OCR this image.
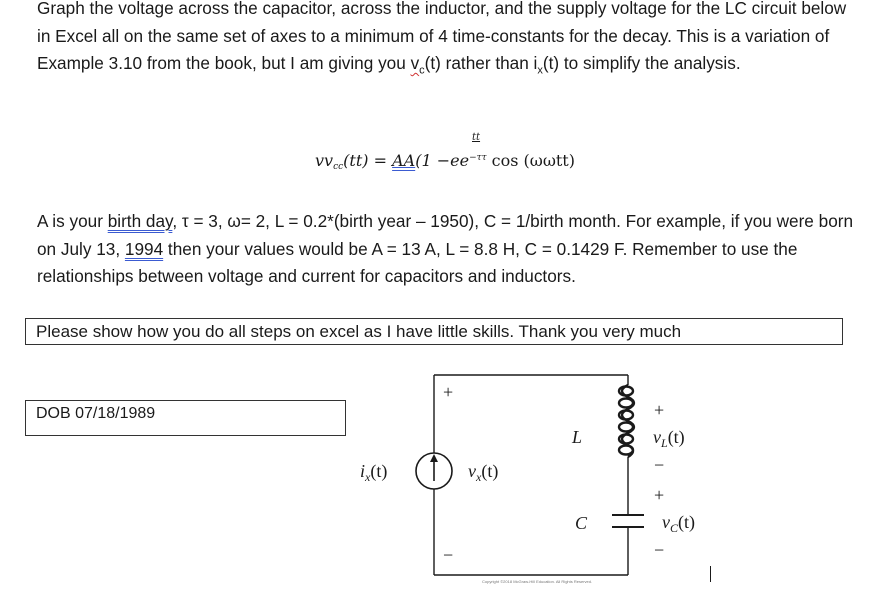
Graph the voltage across the capacitor, across the inductor, and the supply voltage for the LC circuit below in Excel all on the same set of axes to a minimum of 4 time-constants for the decay. This is a variation of Example 3.10 from the book, but I am giving you $v_c(t)$ rather than $i_x(t)$ to simplify the analysis.

tt
vvcc(tt) = $AA(1 -ee^{-\tau\tau}$ cos (ωωtt)

A is your birth day, τ = 3, ω= 2, L = 0.2*(birth year – 1950), C = 1/birth month. For example, if you were born on July 13, 1994 then your values would be A = 13 A, L = 8.8 H, C = 0.1429 F. Remember to use the relationships between voltage and current for capacitors and inductors.

Please show how you do all steps on excel as I have little skills. Thank you very much
DOB 07/18/1989
+
−
$i_x(t)$	$v_x(t)$
L
C
+
$v_L(t)$
−
+
$v_C(t)$
−
Copyright ©2018 McGraw-Hill Education. All Rights Reserved.
